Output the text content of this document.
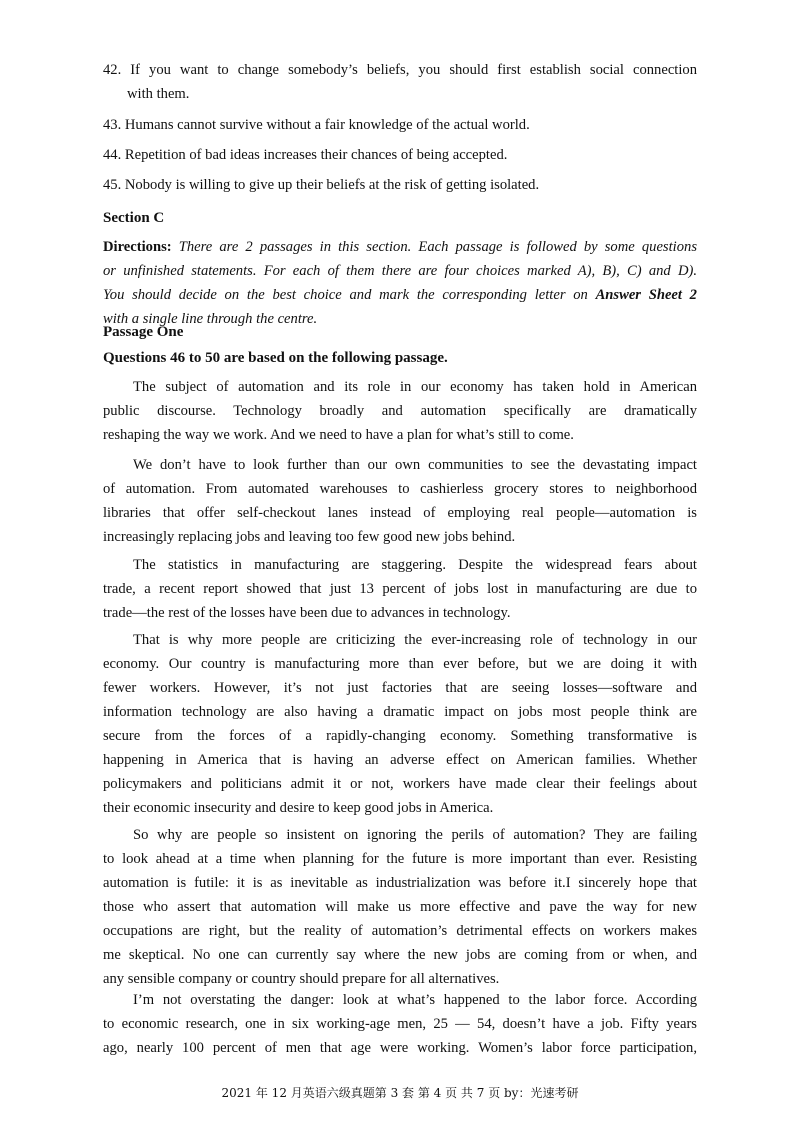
42. If you want to change somebody’s beliefs, you should first establish social connection
with them.
43. Humans cannot survive without a fair knowledge of the actual world.
44. Repetition of bad ideas increases their chances of being accepted.
45. Nobody is willing to give up their beliefs at the risk of getting isolated.
Section C
Directions: There are 2 passages in this section. Each passage is followed by some questions
or unfinished statements. For each of them there are four choices marked A), B), C) and D).
You should decide on the best choice and mark the corresponding letter on Answer Sheet 2
with a single line through the centre.
Passage One
Questions 46 to 50 are based on the following passage.
The subject of automation and its role in our economy has taken hold in American
public discourse. Technology broadly and automation specifically are dramatically
reshaping the way we work. And we need to have a plan for what’s still to come.
We don’t have to look further than our own communities to see the devastating impact
of automation. From automated warehouses to cashierless grocery stores to neighborhood
libraries that offer self-checkout lanes instead of employing real people—automation is
increasingly replacing jobs and leaving too few good new jobs behind.
The statistics in manufacturing are staggering. Despite the widespread fears about
trade, a recent report showed that just 13 percent of jobs lost in manufacturing are due to
trade—the rest of the losses have been due to advances in technology.
That is why more people are criticizing the ever-increasing role of technology in our
economy. Our country is manufacturing more than ever before, but we are doing it with
fewer workers. However, it’s not just factories that are seeing losses—software and
information technology are also having a dramatic impact on jobs most people think are
secure from the forces of a rapidly-changing economy. Something transformative is
happening in America that is having an adverse effect on American families. Whether
policymakers and politicians admit it or not, workers have made clear their feelings about
their economic insecurity and desire to keep good jobs in America.
So why are people so insistent on ignoring the perils of automation? They are failing
to look ahead at a time when planning for the future is more important than ever. Resisting
automation is futile: it is as inevitable as industrialization was before it.I sincerely hope that
those who assert that automation will make us more effective and pave the way for new
occupations are right, but the reality of automation’s detrimental effects on workers makes
me skeptical. No one can currently say where the new jobs are coming from or when, and
any sensible company or country should prepare for all alternatives.
I’m not overstating the danger: look at what’s happened to the labor force. According
to economic research, one in six working-age men, 25 — 54, doesn’t have a job. Fifty years
ago, nearly 100 percent of men that age were working. Women’s labor force participation,
2021 年 12 月英语六级真题第 3 套 第 4 页 共 7 页 by：光速考研
